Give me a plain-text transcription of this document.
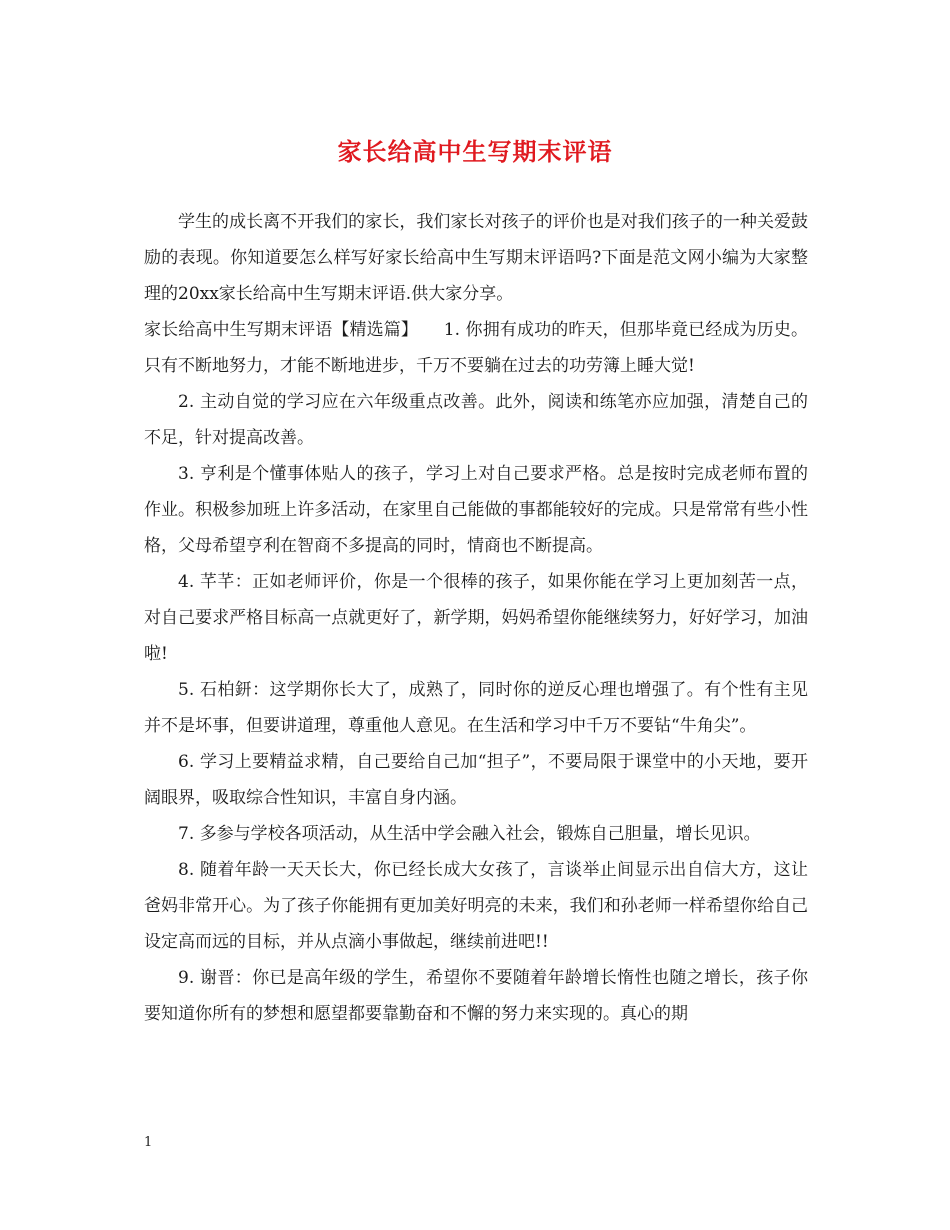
家长给高中生写期末评语

学生的成长离不开我们的家长，我们家长对孩子的评价也是对我们孩子的一种关爱鼓励的表现。你知道要怎么样写好家长给高中生写期末评语吗?下面是范文网小编为大家整理的20xx家长给高中生写期末评语.供大家分享。

家长给高中生写期末评语【精选篇】　　1. 你拥有成功的昨天，但那毕竟已经成为历史。只有不断地努力，才能不断地进步，千万不要躺在过去的功劳簿上睡大觉!

2. 主动自觉的学习应在六年级重点改善。此外，阅读和练笔亦应加强，清楚自己的不足，针对提高改善。

3. 亨利是个懂事体贴人的孩子，学习上对自己要求严格。总是按时完成老师布置的作业。积极参加班上许多活动，在家里自己能做的事都能较好的完成。只是常常有些小性格，父母希望亨利在智商不多提高的同时，情商也不断提高。

4. 芊芊：正如老师评价，你是一个很棒的孩子，如果你能在学习上更加刻苦一点，对自己要求严格目标高一点就更好了，新学期，妈妈希望你能继续努力，好好学习，加油啦!

5. 石柏鈃：这学期你长大了，成熟了，同时你的逆反心理也增强了。有个性有主见并不是坏事，但要讲道理，尊重他人意见。在生活和学习中千万不要钻“牛角尖”。

6. 学习上要精益求精，自己要给自己加“担子”，不要局限于课堂中的小天地，要开阔眼界，吸取综合性知识，丰富自身内涵。

7. 多参与学校各项活动，从生活中学会融入社会，锻炼自己胆量，增长见识。

8. 随着年龄一天天长大，你已经长成大女孩了，言谈举止间显示出自信大方，这让爸妈非常开心。为了孩子你能拥有更加美好明亮的未来，我们和孙老师一样希望你给自己设定高而远的目标，并从点滴小事做起，继续前进吧!!

9. 谢晋：你已是高年级的学生，希望你不要随着年龄增长惰性也随之增长，孩子你要知道你所有的梦想和愿望都要靠勤奋和不懈的努力来实现的。真心的期

1
